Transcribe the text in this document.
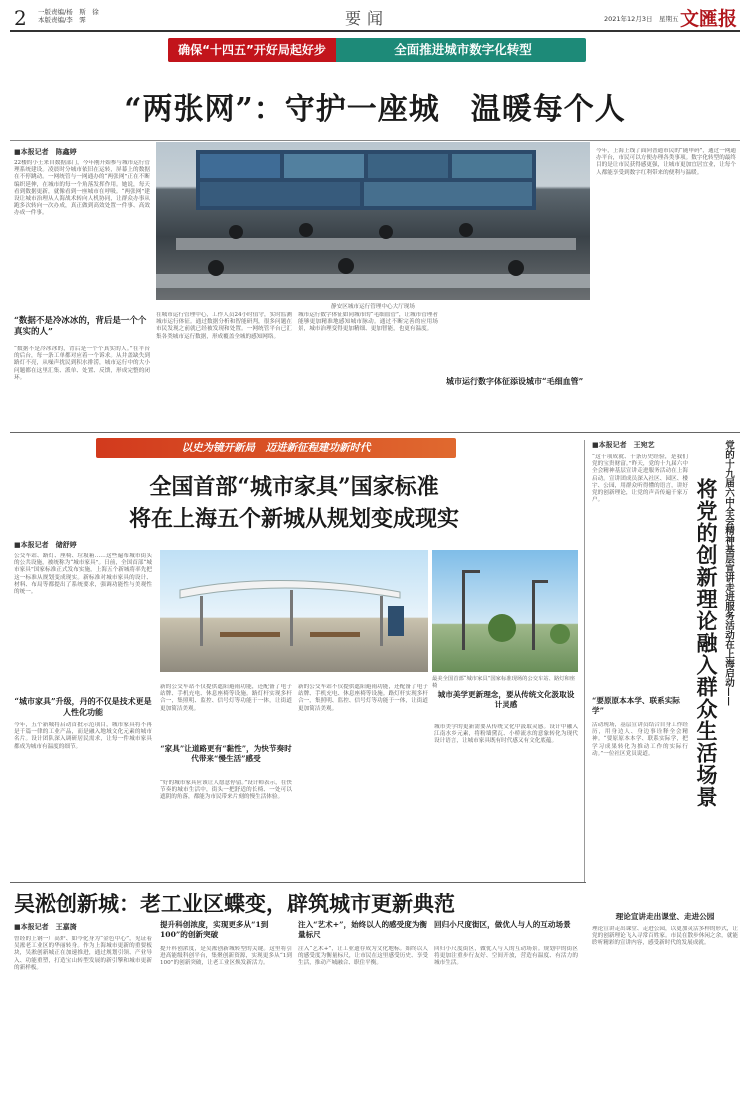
2 一版责编/杨　斯　徐
本版责编/李　霁	要闻	2021年12月3日　星期五 文匯报
确保“十四五”开好局起好步	全面推进城市数字化转型
“两张网”：守护一座城　温暖每个人
■本报记者　陈鑫婷
22楼的小王来自数据部门，今年刚开始参与城市运行管理系统建设。凌晨时分城市依旧在运转，屏幕上的数据在不停跳动。一网统管与一网通办的“两张网”正在不断编织延伸，在城市的每一个角落发挥作用。她说，每天看到数据更新，就像看到一座城市在呼吸。“两张网”建设让城市治理从人海战术转向人机协同，让群众办事从跑多次转向一次办成，真正做到高效处置一件事、高效办成一件事。
静安区城市运行管理中心大厅现场
今年，上海上线了面向普通市民的“随申码”，通过一网通办平台，市民可以方便办理各类事项。数字化转型的最终目的是让市民获得感更强，让城市更加宜居宜业，让每个人都能享受到数字红利带来的便利与温暖。
“数据不是冷冰冰的，背后是一个个真实的人”
“数据不是冷冰冰的，背后是一个个真实的人。”在平台的后台，每一条工单都对应着一个诉求。从井盖缺失到路灯不亮，从噪声扰民到积水排涝，城市运行中的大小问题都在这里汇集、派单、处置、反馈，形成完整的闭环。
在城市运行管理中心，工作人员24小时值守，实时监测城市运行体征。通过数据分析和智能研判，很多问题在市民发现之前就已经被发现和处置。一网统管平台已汇集各类城市运行数据，形成覆盖全城的感知网络。
城市运行数字体征如同城市的“毛细血管”，让城市管理者能够更加精准地感知城市脉动。通过不断完善的应用场景，城市治理变得更加精细、更加智能，也更有温度。
城市运行数字体征添设城市“毛细血管”
以史为镜开新局　迈进新征程建功新时代
全国首部“城市家具”国家标准
将在上海五个新城从规划变成现实
■本报记者　储舒婷
公交车站、路灯、座椅、垃圾箱……这些遍布城市街头的公共设施，被统称为“城市家具”。日前，全国首部“城市家具”国家标准正式发布实施，上海五个新城将率先把这一标准从规划变成现实。新标准对城市家具的设计、材料、布局等都提出了系统要求，强调功能性与美观性的统一。
最美全国首部“城市家具”国家标准现场的公交车站、路灯和座椅
“城市家具”升级，丹的不仅是技术更是人性化功能
今年，五个新城将启动首批示范项目，城市家具将不再是千篇一律的工业产品，而是融入地域文化元素的城市名片。设计团队深入调研居民需求，让每一件城市家具都成为城市有温度的细节。
新的公交车站不仅提供遮阳避雨功能，还配备了电子站牌、手机充电、休息座椅等设施。路灯杆实现多杆合一，集照明、监控、信号灯等功能于一体，让街道更加简洁美观。
“家具”让道路更有“黏性”，为快节奏时代带来“慢生活”感受
“好的城市家具应该让人愿意停留。”设计师表示，在快节奏的城市生活中，街头一把舒适的长椅、一处可以遮阴的角落，都能为市民带来片刻的慢生活体验。
新的公交车站不仅提供遮阳避雨功能，还配备了电子站牌、手机充电、休息座椅等设施。路灯杆实现多杆合一，集照明、监控、信号灯等功能于一体，让街道更加简洁美观。
城市美学更新理念，要从传统文化汲取设计灵感
城市美学的更新需要从传统文化中汲取灵感。设计中融入江南水乡元素，将粉墙黛瓦、小桥流水的意象转化为现代设计语言，让城市家具既有时代感又有文化底蕴。
■本报记者　王宛艺	党的十九届六中全会精神基层宣讲走进服务活动在上海启动——
将党的创新理论融入群众生活场景
“这十项成就、十条历史经验，是我们党的宝贵财富。”昨天，党的十九届六中全会精神基层宣讲走进服务活动在上海启动。宣讲团成员深入社区、园区、楼宇、公园，用群众听得懂的语言，讲好党的创新理论，让党的声音传遍千家万户。
“要原原本本学、联系实际学”
活动现场，基层宣讲员结合自身工作经历，用身边人、身边事诠释全会精神。“要原原本本学、联系实际学，把学习成果转化为推动工作的实际行动。”一位社区党员说道。
吴淞创新城：老工业区蝶变，辟筑城市更新典范
■本报记者　王嘉旖
曾经的上钢一厂高炉、如今化身为“金色中心”，见证着吴淞老工业区的华丽转身。作为上海城市更新的重要板块，吴淞创新城正在加速推进，通过规划引领、产业导入、功能重塑，打造宝山转型发展的新引擎和城市更新的新样板。
提升科创浓度，实现更多从“1到100”的创新突破
提升科创浓度，是吴淞创新城转型的关键。这里将引进高能级科创平台，集聚创新资源，实现更多从“1到100”的创新突破，让老工业区焕发新活力。
注入“艺术+”，始终以人的感受度为衡量标尺
注入“艺术+”，让工业遗存成为文化地标。始终以人的感受度为衡量标尺，让市民在这里感受历史、享受生活，推动产城融合、职住平衡。
回归小尺度街区，做优人与人的互动场景
回归小尺度街区，做优人与人的互动场景。规划中的街区将更加注重步行友好、空间开放，营造有温度、有活力的城市生活。
理论宣讲走出课堂、走进公园
理论宣讲走出课堂、走进公园，以更加灵活多样的形式，让党的创新理论飞入寻常百姓家。市民在散步休闲之余，就能聆听精彩的宣讲内容，感受新时代的发展成就。
